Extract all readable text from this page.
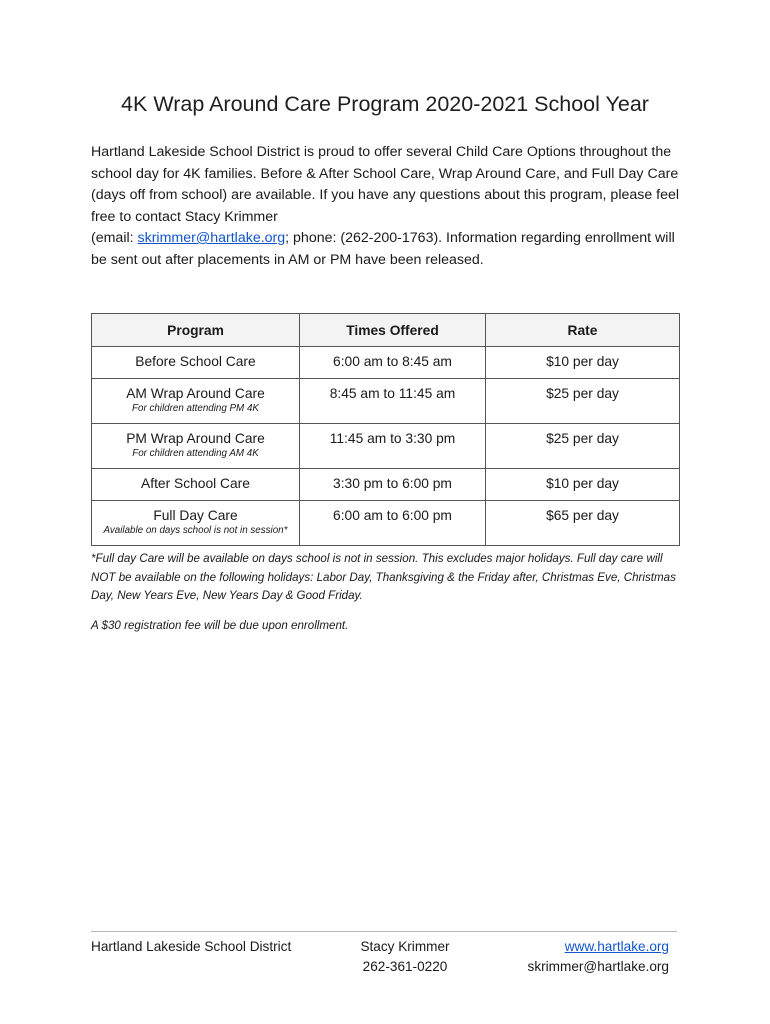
4K Wrap Around Care Program 2020-2021 School Year

Hartland Lakeside School District is proud to offer several Child Care Options throughout the school day for 4K families. Before & After School Care, Wrap Around Care, and Full Day Care (days off from school) are available. If you have any questions about this program, please feel free to contact Stacy Krimmer
(email: skrimmer@hartlake.org; phone: (262-200-1763). Information regarding enrollment will be sent out after placements in AM or PM have been released.

Program	Times Offered	Rate
Before School Care	6:00 am to 8:45 am	$10 per day
AM Wrap Around Care
For children attending PM 4K	8:45 am to 11:45 am	$25 per day
PM Wrap Around Care
For children attending AM 4K	11:45 am to 3:30 pm	$25 per day
After School Care	3:30 pm to 6:00 pm	$10 per day
Full Day Care
Available on days school is not in session*	6:00 am to 6:00 pm	$65 per day

*Full day Care will be available on days school is not in session. This excludes major holidays. Full day care will NOT be available on the following holidays: Labor Day, Thanksgiving & the Friday after, Christmas Eve, Christmas Day, New Years Eve, New Years Day & Good Friday.

A $30 registration fee will be due upon enrollment.

Hartland Lakeside School District	Stacy Krimmer
262-361-0220
www.hartlake.org
skrimmer@hartlake.org
